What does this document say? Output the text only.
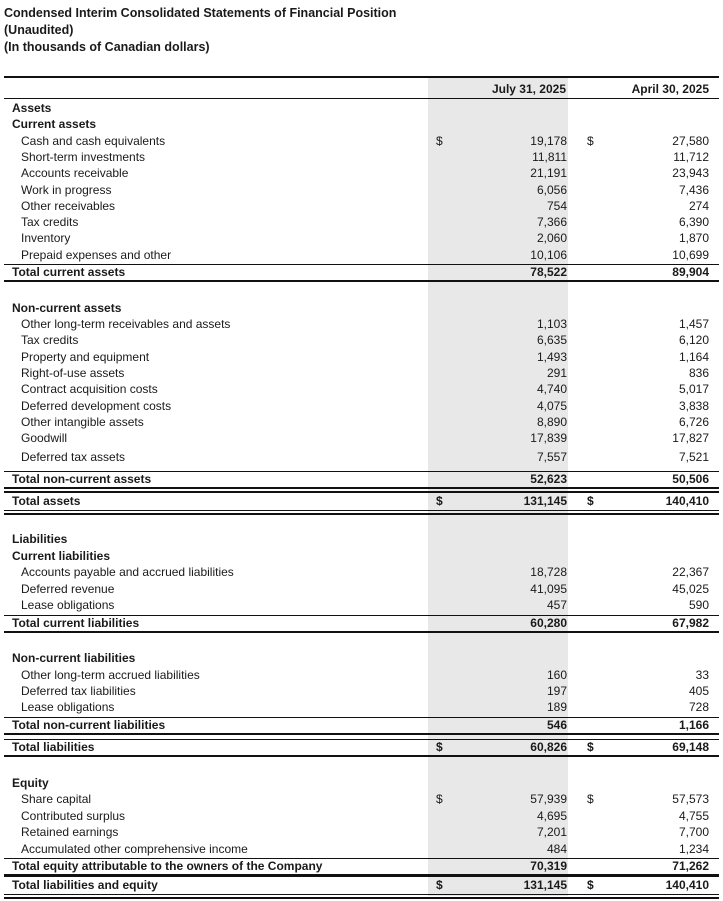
Condensed Interim Consolidated Statements of Financial Position
(Unaudited)
(In thousands of Canadian dollars)
July 31, 2025	April 30, 2025
Assets
Current assets
Cash and cash equivalents	$	19,178 $	27,580
Short-term investments	11,811	11,712
Accounts receivable	21,191	23,943
Work in progress	6,056	7,436
Other receivables	754	274
Tax credits	7,366	6,390
Inventory	2,060	1,870
Prepaid expenses and other	10,106	10,699
Total current assets	78,522	89,904
Non-current assets
Other long-term receivables and assets	1,103	1,457
Tax credits	6,635	6,120
Property and equipment	1,493	1,164
Right-of-use assets	291	836
Contract acquisition costs	4,740	5,017
Deferred development costs	4,075	3,838
Other intangible assets	8,890	6,726
Goodwill	17,839	17,827
Deferred tax assets	7,557	7,521
Total non-current assets	52,623	50,506
Total assets	$	131,145 $	140,410
Liabilities
Current liabilities
Accounts payable and accrued liabilities	18,728	22,367
Deferred revenue	41,095	45,025
Lease obligations	457	590
Total current liabilities	60,280	67,982
Non-current liabilities
Other long-term accrued liabilities	160	33
Deferred tax liabilities	197	405
Lease obligations	189	728
Total non-current liabilities	546	1,166
Total liabilities	$	60,826 $	69,148
Equity
Share capital	$	57,939 $	57,573
Contributed surplus	4,695	4,755
Retained earnings	7,201	7,700
Accumulated other comprehensive income	484	1,234
Total equity attributable to the owners of the Company	70,319	71,262
Total liabilities and equity	$	131,145 $	140,410
